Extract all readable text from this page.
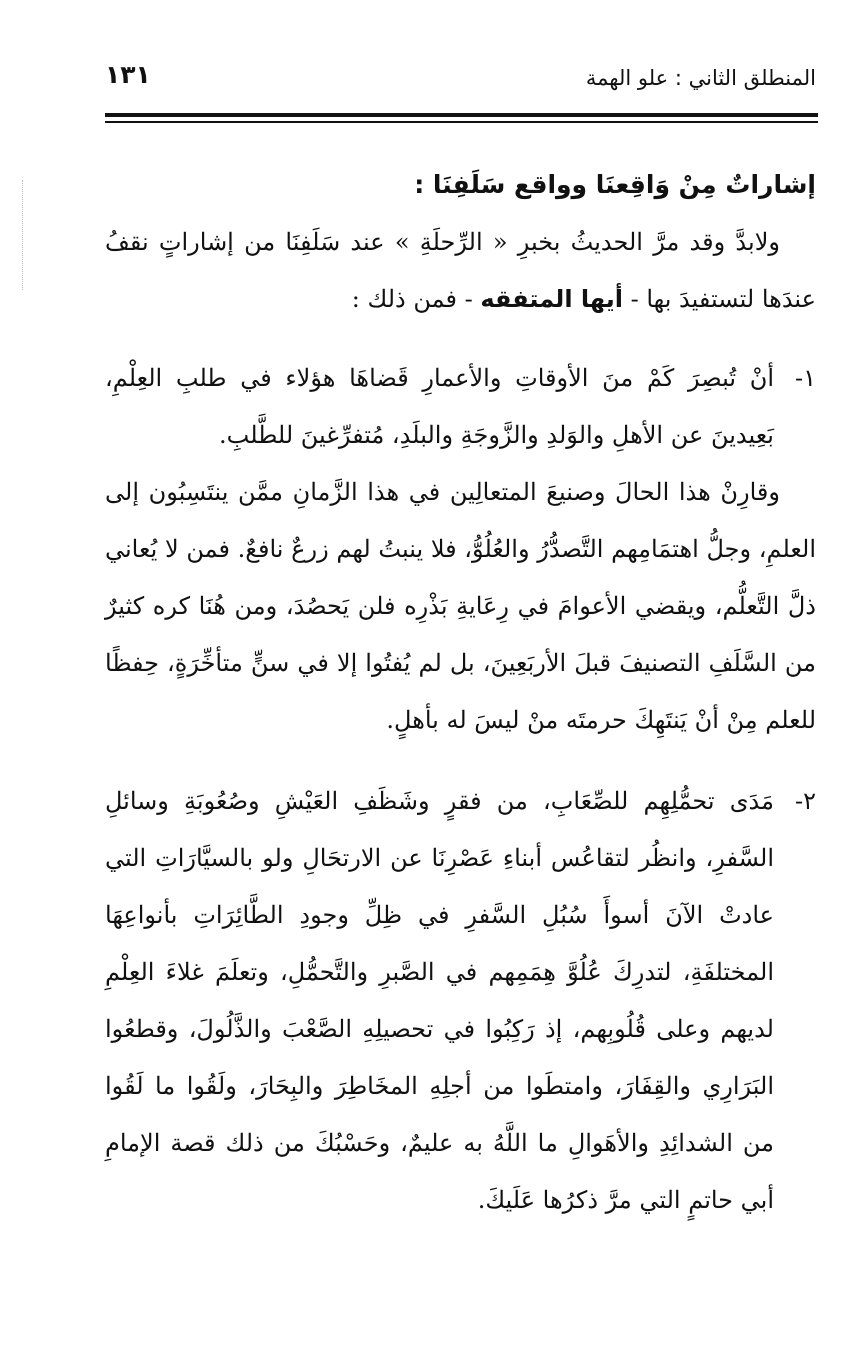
المنطلق الثاني : علو الهمة
١٣١
إشاراتٌ مِنْ وَاقِعنَا وواقع سَلَفِنَا :

ولابدَّ وقد مرَّ الحديثُ بخبرِ « الرِّحلَةِ » عند سَلَفِنَا من إشاراتٍ نقفُ عندَها لتستفيدَ بها - أيها المتفقه - فمن ذلك :

١-
أنْ تُبصِرَ كَمْ منَ الأوقاتِ والأعمارِ قَضاهَا هؤلاء في طلبِ العِلْمِ، بَعِيدينَ عن الأهلِ والوَلدِ والزَّوجَةِ والبلَدِ، مُتفرِّغينَ للطَّلبِ.

وقارِنْ هذا الحالَ وصنيعَ المتعالِين في هذا الزَّمانِ ممَّن ينتَسِبُون إلى العلمِ، وجلُّ اهتمَامِهم التَّصدُّرُ والعُلُوُّ، فلا ينبتُ لهم زرعٌ نافعٌ. فمن لا يُعاني ذلَّ التَّعلُّم، ويقضي الأعوامَ في رِعَايةِ بَذْرِه فلن يَحصُدَ، ومن هُنَا كره كثيرٌ من السَّلَفِ التصنيفَ قبلَ الأربَعِينَ، بل لم يُفتُوا إلا في سنٍّ متأخِّرَةٍ، حِفظًا للعلم مِنْ أنْ يَنتَهِكَ حرمتَه منْ ليسَ له بأهلٍ.

٢-
مَدَى تحمُّلِهِم للصِّعَابِ، من فقرٍ وشَظَفِ العَيْشِ وصُعُوبَةِ وسائلِ السَّفرِ، وانظُر لتقاعُس أبناءِ عَصْرِنَا عن الارتحَالِ ولو بالسيَّارَاتِ التي عادتْ الآنَ أسوأَ سُبُلِ السَّفرِ في ظِلِّ وجودِ الطَّائِرَاتِ بأنواعِهَا المختلفَةِ، لتدرِكَ عُلُوَّ هِمَمِهم في الصَّبرِ والتَّحمُّلِ، وتعلَمَ غلاءَ العِلْمِ لديهم وعلى قُلُوبِهم، إذ رَكِبُوا في تحصيلِهِ الصَّعْبَ والذَّلُولَ، وقطعُوا البَرَارِي والقِفَارَ، وامتطَوا من أجلِهِ المخَاطِرَ والبِحَارَ، ولَقُوا ما لَقُوا من الشدائِدِ والأهَوالِ ما اللَّهُ به عليمٌ، وحَسْبُكَ من ذلك قصة الإمامِ أبي حاتمٍ التي مرَّ ذكرُها عَلَيكَ.
